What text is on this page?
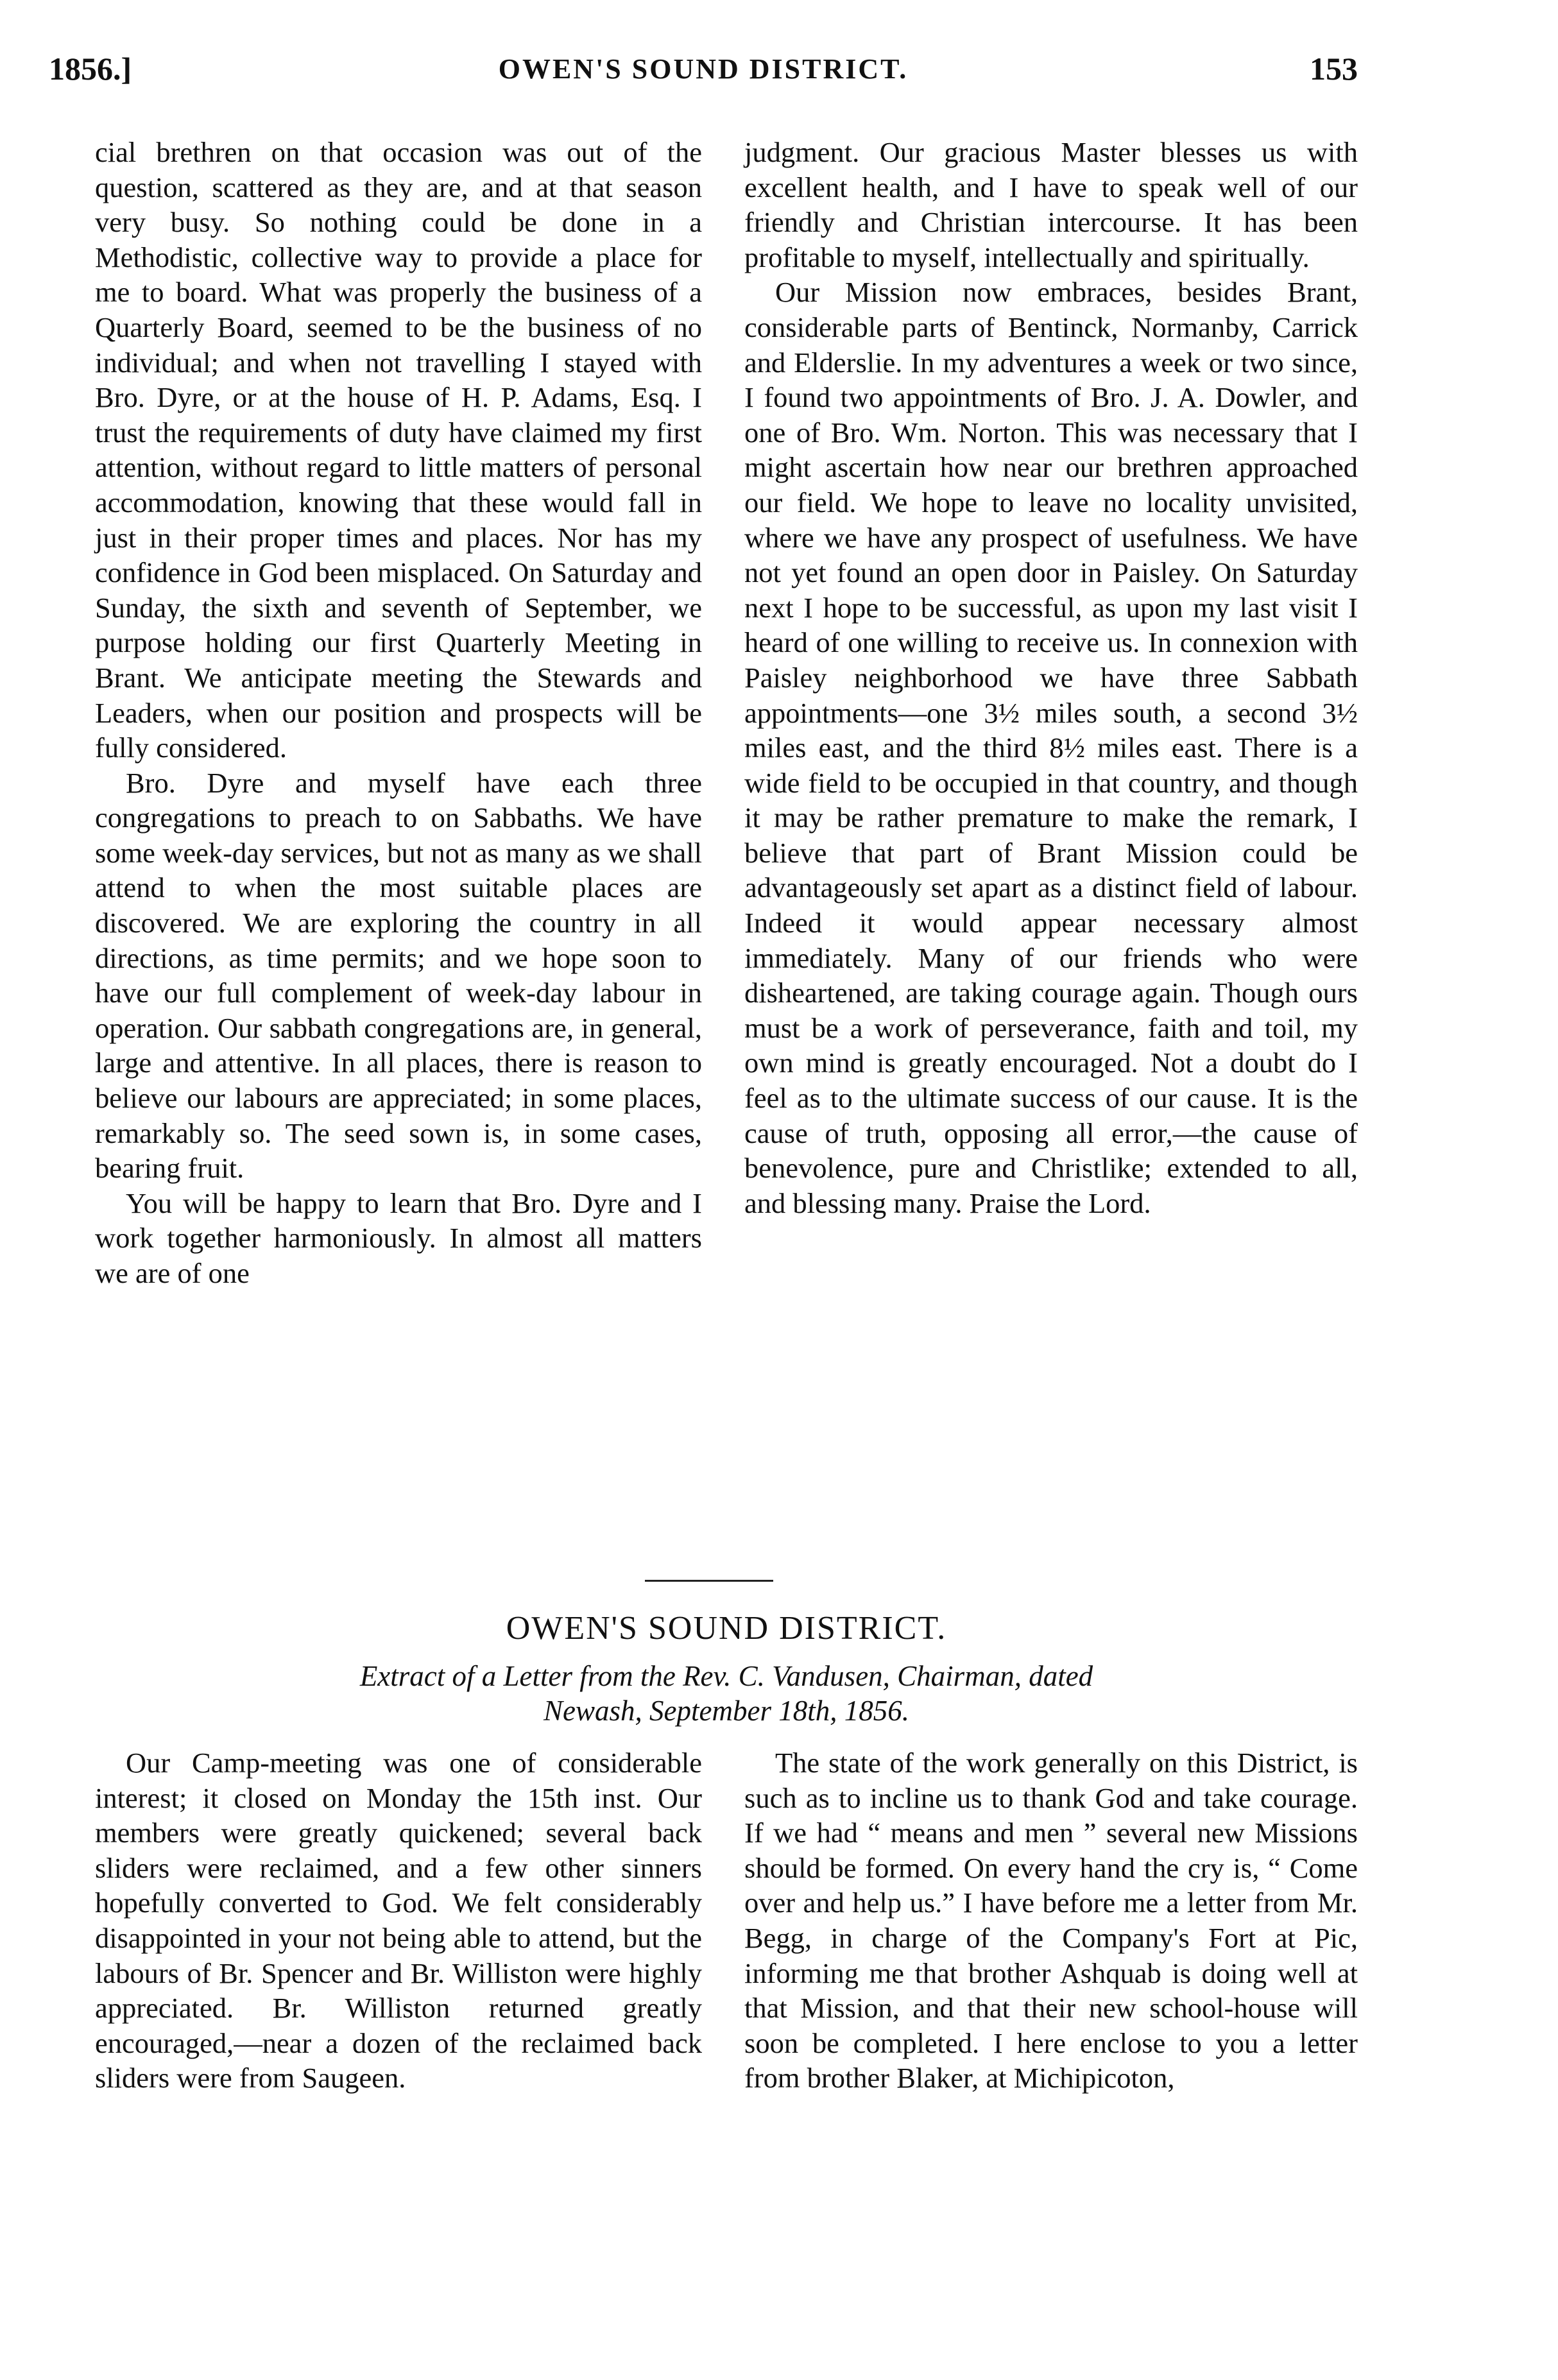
1856.]	OWEN'S SOUND DISTRICT.	153

cial brethren on that occasion was out of the question, scattered as they are, and at that season very busy. So nothing could be done in a Methodistic, collective way to provide a place for me to board. What was properly the business of a Quarterly Board, seemed to be the business of no individual; and when not travelling I stayed with Bro. Dyre, or at the house of H. P. Adams, Esq. I trust the requirements of duty have claimed my first attention, without regard to little matters of personal accommodation, knowing that these would fall in just in their proper times and places. Nor has my confidence in God been misplaced. On Saturday and Sunday, the sixth and seventh of September, we purpose holding our first Quarterly Meeting in Brant. We anticipate meeting the Stewards and Leaders, when our position and prospects will be fully considered.

Bro. Dyre and myself have each three congregations to preach to on Sabbaths. We have some week-day services, but not as many as we shall attend to when the most suitable places are discovered. We are exploring the country in all directions, as time permits; and we hope soon to have our full complement of week-day labour in operation. Our sabbath congregations are, in general, large and attentive. In all places, there is reason to believe our labours are appreciated; in some places, remarkably so. The seed sown is, in some cases, bearing fruit.

You will be happy to learn that Bro. Dyre and I work together harmoniously. In almost all matters we are of one

judgment. Our gracious Master blesses us with excellent health, and I have to speak well of our friendly and Christian intercourse. It has been profitable to myself, intellectually and spiritually.

Our Mission now embraces, besides Brant, considerable parts of Bentinck, Normanby, Carrick and Elderslie. In my adventures a week or two since, I found two appointments of Bro. J. A. Dowler, and one of Bro. Wm. Norton. This was necessary that I might ascertain how near our brethren approached our field. We hope to leave no locality unvisited, where we have any prospect of usefulness. We have not yet found an open door in Paisley. On Saturday next I hope to be successful, as upon my last visit I heard of one willing to receive us. In connexion with Paisley neighborhood we have three Sabbath appointments—one 3½ miles south, a second 3½ miles east, and the third 8½ miles east. There is a wide field to be occupied in that country, and though it may be rather premature to make the remark, I believe that part of Brant Mission could be advantageously set apart as a distinct field of labour. Indeed it would appear necessary almost immediately. Many of our friends who were disheartened, are taking courage again. Though ours must be a work of perseverance, faith and toil, my own mind is greatly encouraged. Not a doubt do I feel as to the ultimate success of our cause. It is the cause of truth, opposing all error,—the cause of benevolence, pure and Christlike; extended to all, and blessing many. Praise the Lord.

OWEN'S SOUND DISTRICT.
Extract of a Letter from the Rev. C. Vandusen, Chairman, dated
Newash, September 18th, 1856.

Our Camp-meeting was one of considerable interest; it closed on Monday the 15th inst. Our members were greatly quickened; several back sliders were reclaimed, and a few other sinners hopefully converted to God. We felt considerably disappointed in your not being able to attend, but the labours of Br. Spencer and Br. Williston were highly appreciated. Br. Williston returned greatly encouraged,—near a dozen of the reclaimed back sliders were from Saugeen.

The state of the work generally on this District, is such as to incline us to thank God and take courage. If we had “ means and men ” several new Missions should be formed. On every hand the cry is, “ Come over and help us.” I have before me a letter from Mr. Begg, in charge of the Company's Fort at Pic, informing me that brother Ashquab is doing well at that Mission, and that their new school-house will soon be completed. I here enclose to you a letter from brother Blaker, at Michipicoton,
